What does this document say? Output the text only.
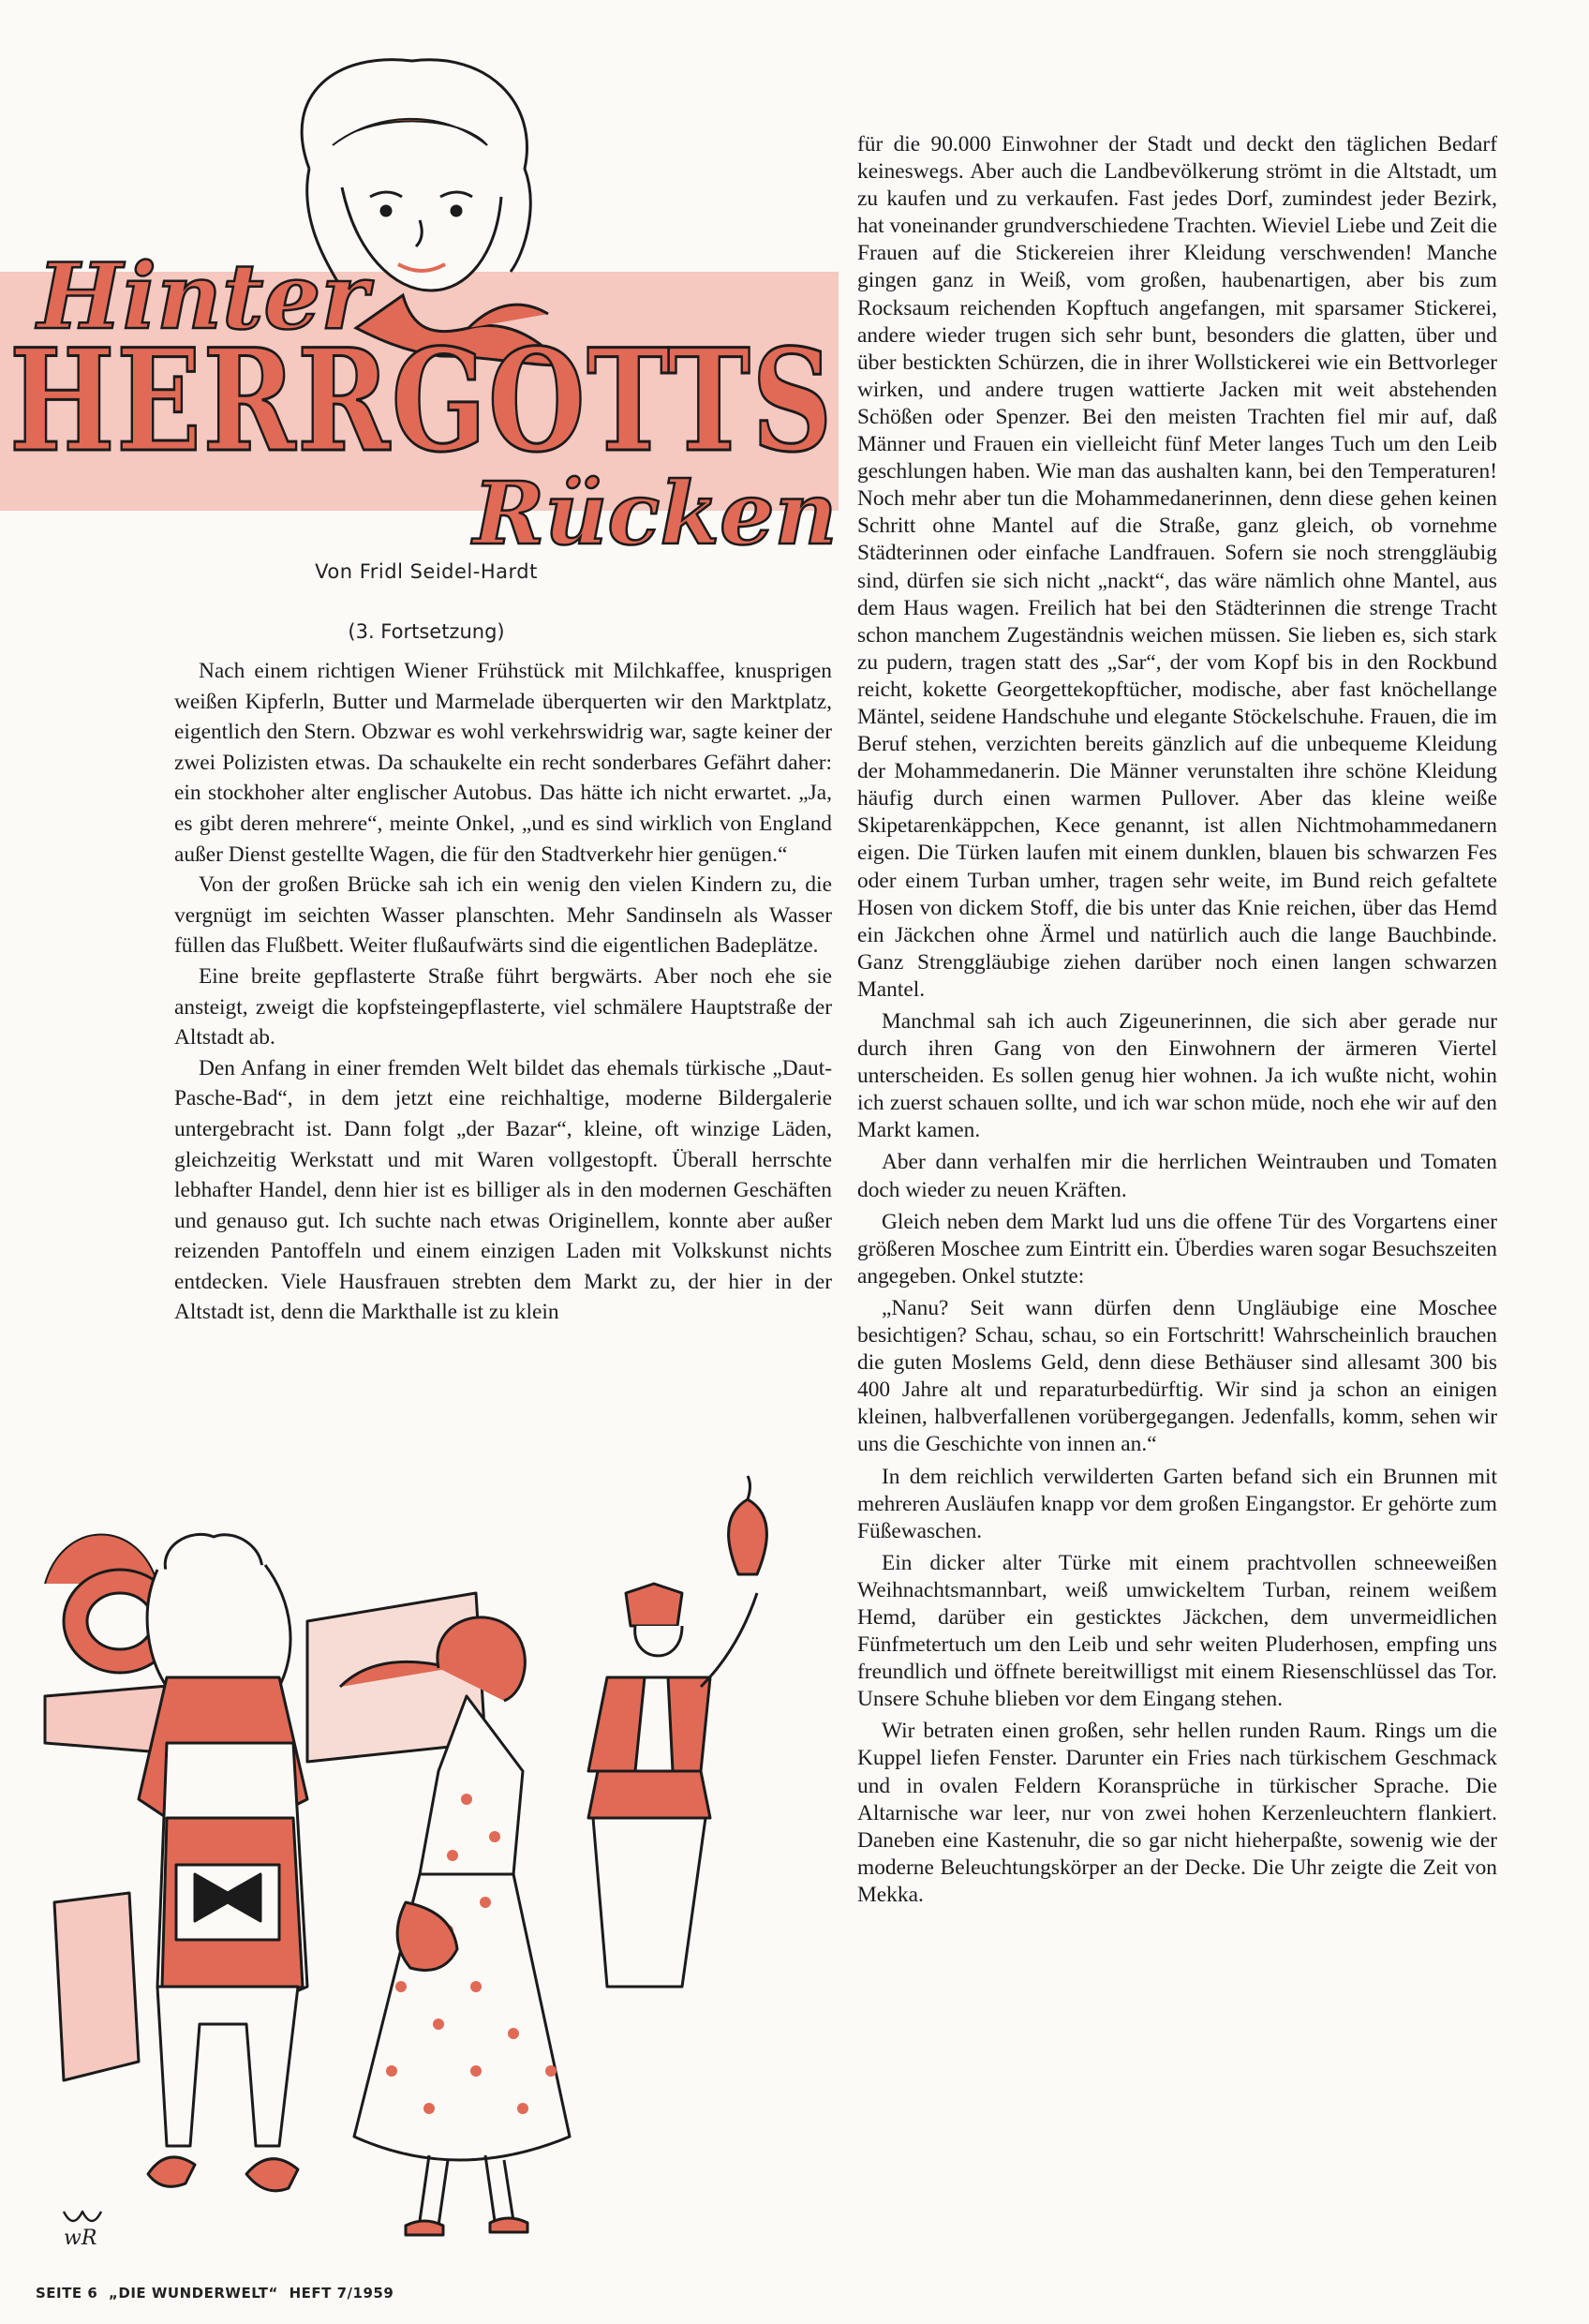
Hinter
HERRGOTTS
Rücken
Von Fridl Seidel-Hardt
(3. Fortsetzung)

Nach einem richtigen Wiener Frühstück mit Milchkaffee, knusprigen weißen Kipferln, Butter und Marmelade überquerten wir den Marktplatz, eigentlich den Stern. Obzwar es wohl verkehrswidrig war, sagte keiner der zwei Polizisten etwas. Da schaukelte ein recht sonderbares Gefährt daher: ein stockhoher alter englischer Autobus. Das hätte ich nicht erwartet. „Ja, es gibt deren mehrere“, meinte Onkel, „und es sind wirklich von England außer Dienst gestellte Wagen, die für den Stadtverkehr hier genügen.“

Von der großen Brücke sah ich ein wenig den vielen Kindern zu, die vergnügt im seichten Wasser planschten. Mehr Sandinseln als Wasser füllen das Flußbett. Weiter flußaufwärts sind die eigentlichen Badeplätze.

Eine breite gepflasterte Straße führt bergwärts. Aber noch ehe sie ansteigt, zweigt die kopfsteingepflasterte, viel schmälere Hauptstraße der Altstadt ab.

Den Anfang in einer fremden Welt bildet das ehemals türkische „Daut-Pasche-Bad“, in dem jetzt eine reichhaltige, moderne Bildergalerie untergebracht ist. Dann folgt „der Bazar“, kleine, oft winzige Läden, gleichzeitig Werkstatt und mit Waren vollgestopft. Überall herrschte lebhafter Handel, denn hier ist es billiger als in den modernen Geschäften und genauso gut. Ich suchte nach etwas Originellem, konnte aber außer reizenden Pantoffeln und einem einzigen Laden mit Volkskunst nichts entdecken. Viele Hausfrauen strebten dem Markt zu, der hier in der Altstadt ist, denn die Markthalle ist zu klein

für die 90.000 Einwohner der Stadt und deckt den täglichen Bedarf keineswegs. Aber auch die Landbevölkerung strömt in die Altstadt, um zu kaufen und zu verkaufen. Fast jedes Dorf, zumindest jeder Bezirk, hat voneinander grundverschiedene Trachten. Wieviel Liebe und Zeit die Frauen auf die Stickereien ihrer Kleidung verschwenden! Manche gingen ganz in Weiß, vom großen, haubenartigen, aber bis zum Rocksaum reichenden Kopftuch angefangen, mit sparsamer Stickerei, andere wieder trugen sich sehr bunt, besonders die glatten, über und über bestickten Schürzen, die in ihrer Wollstickerei wie ein Bettvorleger wirken, und andere trugen wattierte Jacken mit weit abstehenden Schößen oder Spenzer. Bei den meisten Trachten fiel mir auf, daß Männer und Frauen ein vielleicht fünf Meter langes Tuch um den Leib geschlungen haben. Wie man das aushalten kann, bei den Temperaturen! Noch mehr aber tun die Mohammedanerinnen, denn diese gehen keinen Schritt ohne Mantel auf die Straße, ganz gleich, ob vornehme Städterinnen oder einfache Landfrauen. Sofern sie noch strenggläubig sind, dürfen sie sich nicht „nackt“, das wäre nämlich ohne Mantel, aus dem Haus wagen. Freilich hat bei den Städterinnen die strenge Tracht schon manchem Zugeständnis weichen müssen. Sie lieben es, sich stark zu pudern, tragen statt des „Sar“, der vom Kopf bis in den Rockbund reicht, kokette Georgettekopftücher, modische, aber fast knöchellange Mäntel, seidene Handschuhe und elegante Stöckelschuhe. Frauen, die im Beruf stehen, verzichten bereits gänzlich auf die unbequeme Kleidung der Mohammedanerin. Die Männer verunstalten ihre schöne Kleidung häufig durch einen warmen Pullover. Aber das kleine weiße Skipetarenkäppchen, Kece genannt, ist allen Nichtmohammedanern eigen. Die Türken laufen mit einem dunklen, blauen bis schwarzen Fes oder einem Turban umher, tragen sehr weite, im Bund reich gefaltete Hosen von dickem Stoff, die bis unter das Knie reichen, über das Hemd ein Jäckchen ohne Ärmel und natürlich auch die lange Bauchbinde. Ganz Strenggläubige ziehen darüber noch einen langen schwarzen Mantel.

Manchmal sah ich auch Zigeunerinnen, die sich aber gerade nur durch ihren Gang von den Einwohnern der ärmeren Viertel unterscheiden. Es sollen genug hier wohnen. Ja ich wußte nicht, wohin ich zuerst schauen sollte, und ich war schon müde, noch ehe wir auf den Markt kamen.

Aber dann verhalfen mir die herrlichen Weintrauben und Tomaten doch wieder zu neuen Kräften.

Gleich neben dem Markt lud uns die offene Tür des Vorgartens einer größeren Moschee zum Eintritt ein. Überdies waren sogar Besuchszeiten angegeben. Onkel stutzte:

„Nanu? Seit wann dürfen denn Ungläubige eine Moschee besichtigen? Schau, schau, so ein Fortschritt! Wahrscheinlich brauchen die guten Moslems Geld, denn diese Bethäuser sind allesamt 300 bis 400 Jahre alt und reparaturbedürftig. Wir sind ja schon an einigen kleinen, halbverfallenen vorübergegangen. Jedenfalls, komm, sehen wir uns die Geschichte von innen an.“

In dem reichlich verwilderten Garten befand sich ein Brunnen mit mehreren Ausläufen knapp vor dem großen Eingangstor. Er gehörte zum Füßewaschen.

Ein dicker alter Türke mit einem prachtvollen schneeweißen Weihnachtsmannbart, weiß umwickeltem Turban, reinem weißem Hemd, darüber ein gesticktes Jäckchen, dem unvermeidlichen Fünfmetertuch um den Leib und sehr weiten Pluderhosen, empfing uns freundlich und öffnete bereitwilligst mit einem Riesenschlüssel das Tor. Unsere Schuhe blieben vor dem Eingang stehen.

Wir betraten einen großen, sehr hellen runden Raum. Rings um die Kuppel liefen Fenster. Darunter ein Fries nach türkischem Geschmack und in ovalen Feldern Koransprüche in türkischer Sprache. Die Altarnische war leer, nur von zwei hohen Kerzenleuchtern flankiert. Daneben eine Kastenuhr, die so gar nicht hieherpaßte, sowenig wie der moderne Beleuchtungskörper an der Decke. Die Uhr zeigte die Zeit von Mekka.

wR
SEITE 6 „DIE WUNDERWELT“ HEFT 7/1959
